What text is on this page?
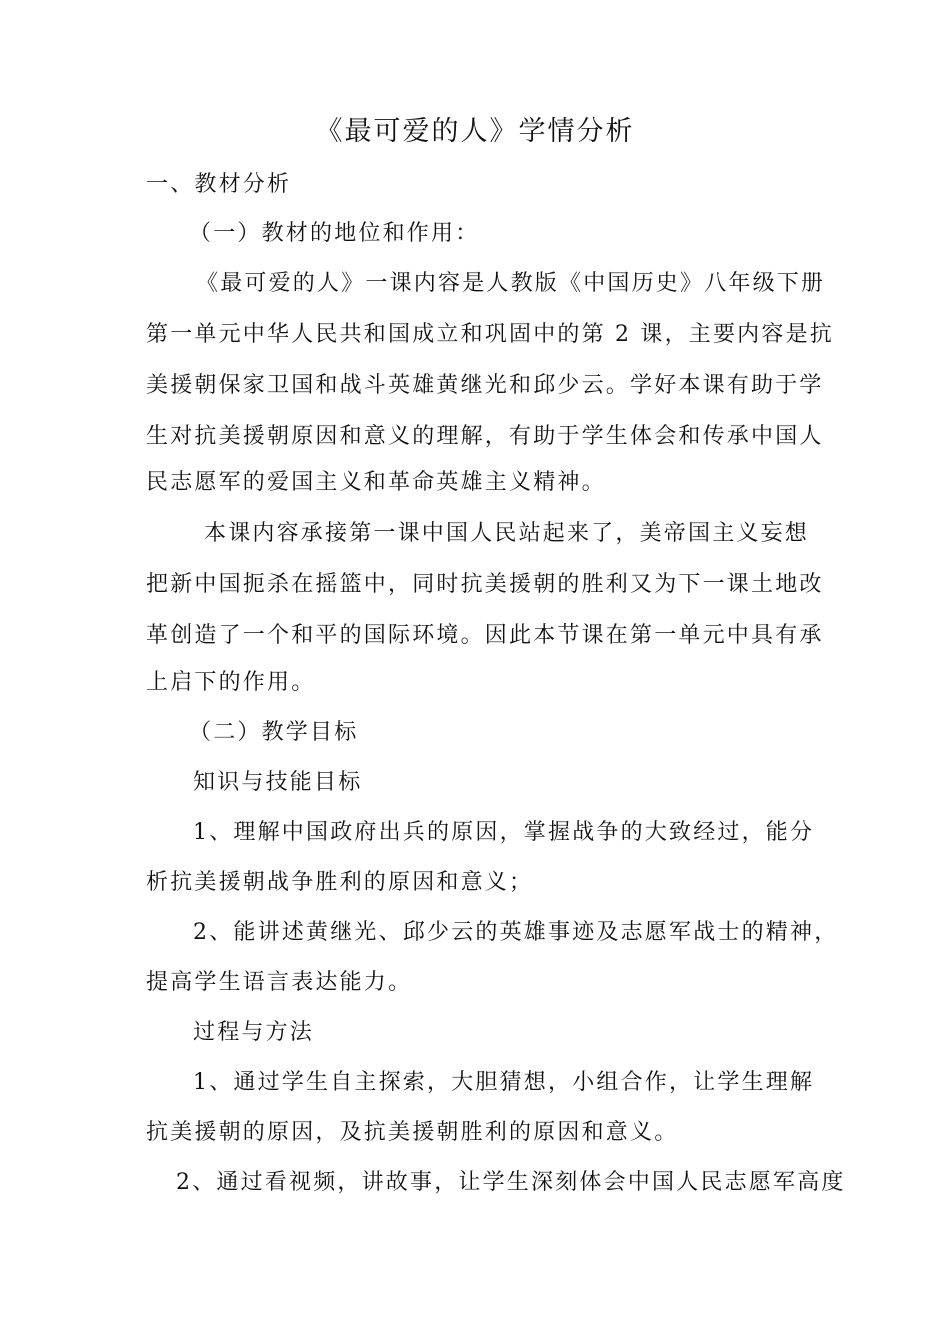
《最可爱的人》学情分析
一、教材分析
（一）教材的地位和作用：
《最可爱的人》一课内容是人教版《中国历史》八年级下册
第一单元中华人民共和国成立和巩固中的第 2 课，主要内容是抗
美援朝保家卫国和战斗英雄黄继光和邱少云。学好本课有助于学
生对抗美援朝原因和意义的理解，有助于学生体会和传承中国人
民志愿军的爱国主义和革命英雄主义精神。
本课内容承接第一课中国人民站起来了，美帝国主义妄想
把新中国扼杀在摇篮中，同时抗美援朝的胜利又为下一课土地改
革创造了一个和平的国际环境。因此本节课在第一单元中具有承
上启下的作用。
（二）教学目标
知识与技能目标
1、理解中国政府出兵的原因，掌握战争的大致经过，能分
析抗美援朝战争胜利的原因和意义；
2、能讲述黄继光、邱少云的英雄事迹及志愿军战士的精神，
提高学生语言表达能力。
过程与方法
1、通过学生自主探索，大胆猜想，小组合作，让学生理解
抗美援朝的原因，及抗美援朝胜利的原因和意义。
2、通过看视频，讲故事，让学生深刻体会中国人民志愿军高度
